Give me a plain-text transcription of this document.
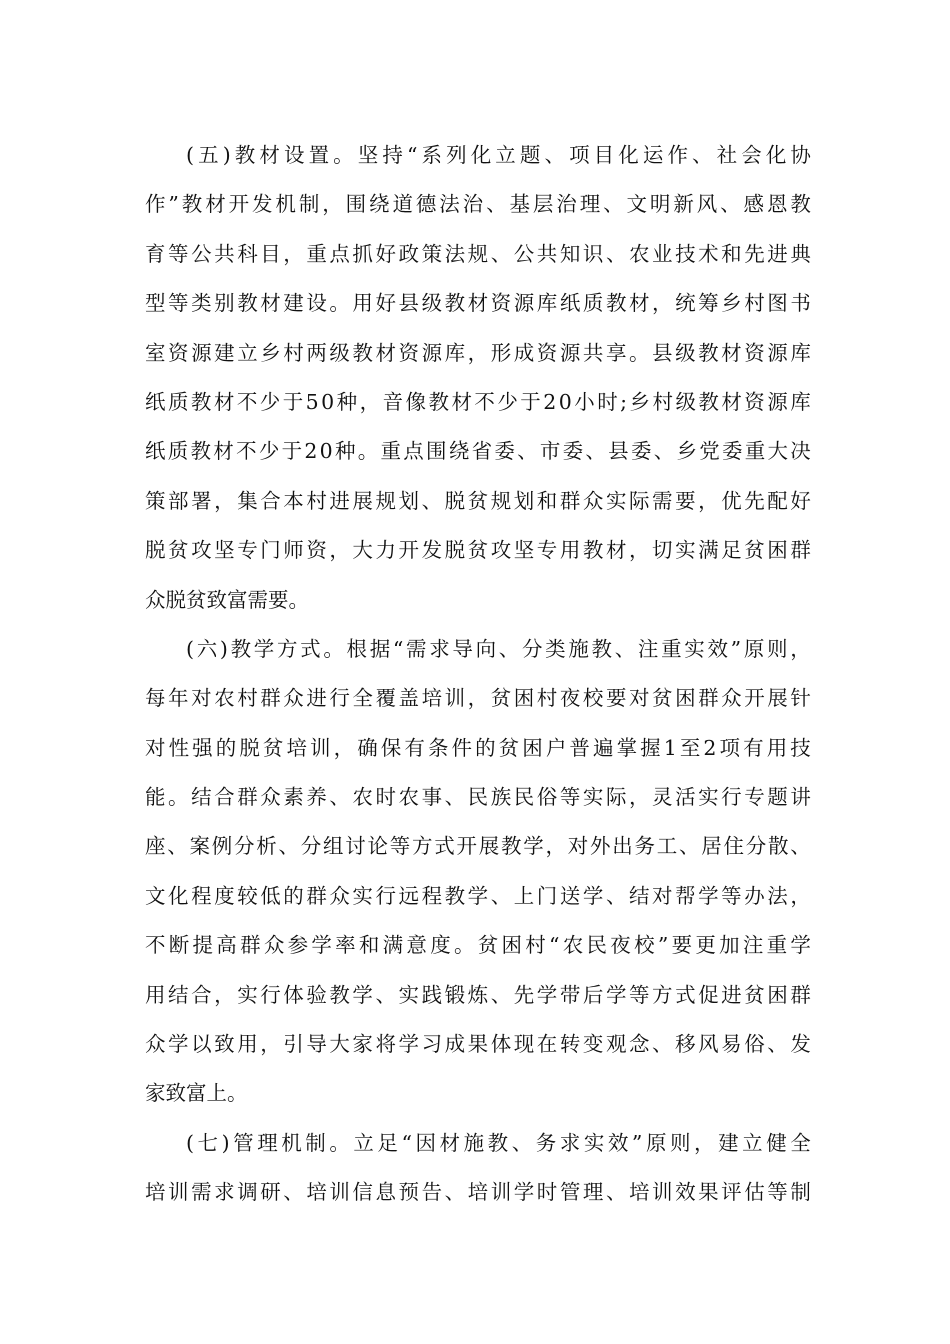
( 五 ) 教 材 设 置 。 坚 持 “ 系 列 化 立 题 、 项 目 化 运 作 、 社 会 化 协
作 ” 教 材 开 发 机 制 ， 围 绕 道 德 法 治 、 基 层 治 理 、 文 明 新 风 、 感 恩 教
育 等 公 共 科 目 ， 重 点 抓 好 政 策 法 规 、 公 共 知 识 、 农 业 技 术 和 先 进 典
型 等 类 别 教 材 建 设 。 用 好 县 级 教 材 资 源 库 纸 质 教 材 ， 统 筹 乡 村 图 书
室 资 源 建 立 乡 村 两 级 教 材 资 源 库 ， 形 成 资 源 共 享 。 县 级 教 材 资 源 库
纸 质 教 材 不 少 于 5 0 种 ， 音 像 教 材 不 少 于 2 0 小 时 ; 乡 村 级 教 材 资 源 库
纸 质 教 材 不 少 于 2 0 种 。 重 点 围 绕 省 委 、 市 委 、 县 委 、 乡 党 委 重 大 决
策 部 署 ， 集 合 本 村 进 展 规 划 、 脱 贫 规 划 和 群 众 实 际 需 要 ， 优 先 配 好
脱 贫 攻 坚 专 门 师 资 ， 大 力 开 发 脱 贫 攻 坚 专 用 教 材 ， 切 实 满 足 贫 困 群
众脱贫致富需要。
( 六 ) 教 学 方 式 。 根 据 “ 需 求 导 向 、 分 类 施 教 、 注 重 实 效 ” 原 则 ，
每 年 对 农 村 群 众 进 行 全 覆 盖 培 训 ， 贫 困 村 夜 校 要 对 贫 困 群 众 开 展 针
对 性 强 的 脱 贫 培 训 ， 确 保 有 条 件 的 贫 困 户 普 遍 掌 握 1 至 2 项 有 用 技
能 。 结 合 群 众 素 养 、 农 时 农 事 、 民 族 民 俗 等 实 际 ， 灵 活 实 行 专 题 讲
座 、 案 例 分 析 、 分 组 讨 论 等 方 式 开 展 教 学 ， 对 外 出 务 工 、 居 住 分 散 、
文 化 程 度 较 低 的 群 众 实 行 远 程 教 学 、 上 门 送 学 、 结 对 帮 学 等 办 法 ，
不 断 提 高 群 众 参 学 率 和 满 意 度 。 贫 困 村 “ 农 民 夜 校 ” 要 更 加 注 重 学
用 结 合 ， 实 行 体 验 教 学 、 实 践 锻 炼 、 先 学 带 后 学 等 方 式 促 进 贫 困 群
众 学 以 致 用 ， 引 导 大 家 将 学 习 成 果 体 现 在 转 变 观 念 、 移 风 易 俗 、 发
家致富上。
( 七 ) 管 理 机 制 。 立 足 “ 因 材 施 教 、 务 求 实 效 ” 原 则 ， 建 立 健 全
培 训 需 求 调 研 、 培 训 信 息 预 告 、 培 训 学 时 管 理 、 培 训 效 果 评 估 等 制
